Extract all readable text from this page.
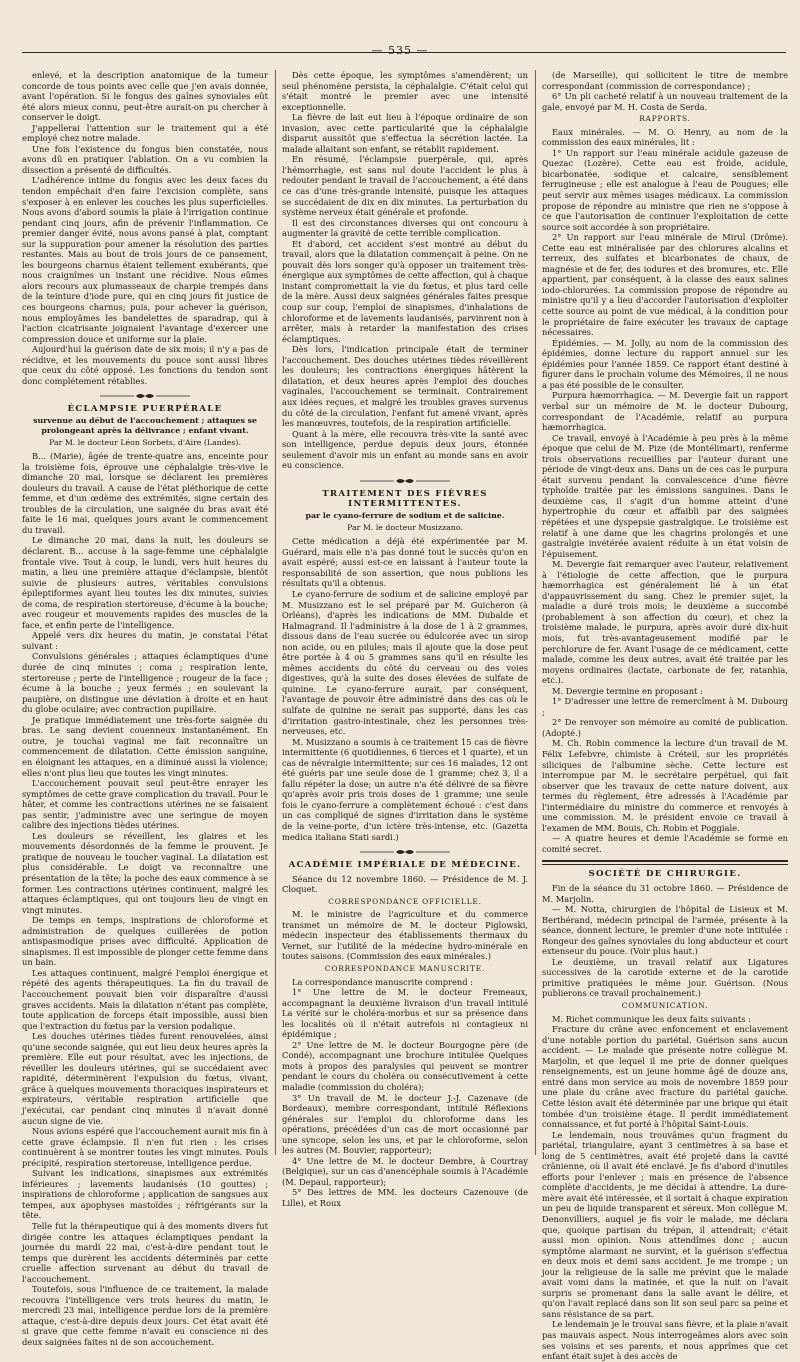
— 535 —

enlevé, et la description anatomique de la tumeur concorde de tous points avec celle que j'en avais donnée, avant l'opération. Si le fongus des gaînes synoviales eût été alors mieux connu, peut-être aurait-on pu chercher à conserver le doigt.

J'appellerai l'attention sur le traitement qui a été employé chez notre malade.

Une fois l'existence du fongus bien constatée, nous avons dû en pratiquer l'ablation. On a vu combien la dissection a présenté de difficultés.

L'adhérence intime du fongus avec les deux faces du tendon empêchait d'en faire l'excision complète, sans s'exposer à en enlever les couches les plus superficielles. Nous avons d'abord soumis la plaie à l'irrigation continue pendant cinq jours, afin de prévenir l'inflammation. Ce premier danger évité, nous avons pansé à plat, comptant sur la suppuration pour amener la résolution des parties restantes. Mais au bout de trois jours de ce pansement, les bourgeons charnus étaient tellement exubérants, que nous craignîmes un instant une récidive. Nous eûmes alors recours aux plumasseaux de charpie trempés dans de la teinture d'iode pure, qui en cinq jours fit justice de ces bourgeons charnus; puis, pour achever la guérison, nous employâmes les bandelettes de sparadrap, qui à l'action cicatrisante joignaient l'avantage d'exercer une compression douce et uniforme sur la plaie.

Aujourd'hui la guérison date de six mois; il n'y a pas de récidive, et les mouvements du pouce sont aussi libres que ceux du côté opposé. Les fonctions du tendon sont donc complétement rétablies.

ÉCLAMPSIE PUERPÉRALE
survenue au début de l'accouchement ; attaques se prolongeant après la délivrance ; enfant vivant.
Par M. le docteur Léon Sorbets, d'Aire (Landes).

B... (Marie), âgée de trente-quatre ans, enceinte pour la troisième fois, éprouve une céphalalgie très-vive le dimanche 20 mai, lorsque se déclarent les premières douleurs du travail. A cause de l'état pléthorique de cette femme, et d'un œdème des extrémités, signe certain des troubles de la circulation, une saignée du bras avait été faite le 16 mai, quelques jours avant le commencement du travail.

Le dimanche 20 mai, dans la nuit, les douleurs se déclarent. B... accuse à la sage-femme une céphalalgie frontale vive. Tout à coup, le lundi, vers huit heures du matin, a lieu une première attaque d'éclampsie, bientôt suivie de plusieurs autres, véritables convulsions épileptiformes ayant lieu toutes les dix minutes, suivies de coma, de respiration stertoreuse, d'écume à la bouche; avec rougeur et mouvements rapides des muscles de la face, et enfin perte de l'intelligence.

Appelé vers dix heures du matin, je constatai l'état suivant :

Convulsions générales ; attaques éclamptiques d'une durée de cinq minutes ; coma ; respiration lente, stertoreuse ; perte de l'intelligence ; rougeur de la face ; écume à la bouche ; yeux fermés ; en soulevant la paupière, on distingue une déviation à droite et en haut du globe oculaire; avec contraction pupillaire.

Je pratique immédiatement une très-forte saignée du bras. Le sang devient couenneux instantanément. En outre, je touchai vaginal me fait reconnaître un commencement de dilatation. Cette émission sanguine, en éloignant les attaques, en a diminué aussi la violence; elles n'ont plus lieu que toutes les vingt minutes.

L'accouchement pouvait seul peut-être enrayer les symptômes de cette grave complication du travail. Pour le hâter, et comme les contractions utérines ne se faisaient pas sentir, j'administre avec une seringue de moyen calibre des injections tièdes utérines.

Les douleurs se réveillent, les glaires et les mouvements désordonnés de la femme le prouvent. Je pratique de nouveau le toucher vaginal. La dilatation est plus considérable. Le doigt va reconnaître une présentation de la tête; la poche des eaux commence à se former. Les contractions utérines continuent, malgré les attaques éclamptiques, qui ont toujours lieu de vingt en vingt minutes.

De temps en temps, inspirations de chloroforme et administration de quelques cuillerées de potion antispasmodique prises avec difficulté. Application de sinapismes. Il est impossible de plonger cette femme dans un bain.

Les attaques continuent, malgré l'emploi énergique et répété des agents thérapeutiques. La fin du travail de l'accouchement pouvait bien voir disparaître d'aussi graves accidents. Mais la dilatation n'étant pas complète, toute application de forceps était impossible, aussi bien que l'extraction du fœtus par la version podalique.

Les douches utérines tièdes furent renouvelées, ainsi qu'une seconde saignée, qui eut lieu deux heures après la première. Elle eut pour résultat, avec les injections, de réveiller les douleurs utérines, qui se succédaient avec rapidité, déterminèrent l'expulsion du fœtus, vivant, grâce à quelques mouvements thoraciques inspirateurs et expirateurs, véritable respiration artificielle que j'exécutai, car pendant cinq minutes il n'avait donné aucun signe de vie.

Nous avions espéré que l'accouchement aurait mis fin à cette grave éclampsie. Il n'en fut rien : les crises continuèrent à se montrer toutes les vingt minutes. Pouls précipité, respiration stertoreuse, intelligence perdue.

Suivant les indications, sinapismes aux extrémités inférieures ; lavements laudanisés (10 gouttes) ; inspirations de chloroforme ; application de sangsues aux tempes, aux apophyses mastoïdes ; réfrigérants sur la tête.

Telle fut la thérapeutique qui à des moments divers fut dirigée contre les attaques éclamptiques pendant la journée du mardi 22 mai, c'est-à-dire pendant tout le temps que durèrent les accidents déterminés par cette cruelle affection survenant au début du travail de l'accouchement.

Toutefois, sous l'influence de ce traitement, la malade recouvra l'intelligence vers trois heures du matin, le mercredi 23 mai, intelligence perdue lors de la première attaque, c'est-à-dire depuis deux jours. Cet état avait été si grave que cette femme n'avait eu conscience ni des deux saignées faites ni de son accouchement.

Dès cette époque, les symptômes s'amendèrent; un seul phénomène persista, la céphalalgie. C'était celui qui s'était montré le premier avec une intensité exceptionnelle.

La fièvre de lait eut lieu à l'époque ordinaire de son invasion, avec cette particularité que la céphalalgie disparut aussitôt que s'effectua la sécrétion lactée. La malade allaitant son enfant, se rétablit rapidement.

En résumé, l'éclampsie puerpérale, qui, après l'hémorrhagie, est sans nul doute l'accident le plus à redouter pendant le travail de l'accouchement, a été dans ce cas d'une très-grande intensité, puisque les attaques se succédaient de dix en dix minutes. La perturbation du système nerveux était générale et profonde.

Il est des circonstances diverses qui ont concouru à augmenter la gravité de cette terrible complication.

Et d'abord, cet accident s'est montré au début du travail, alors que la dilatation commençait à peine. On ne pouvait dès lors songer qu'à opposer un traitement très-énergique aux symptômes de cette affection, qui à chaque instant compromettait la vie du fœtus, et plus tard celle de la mère. Aussi deux saignées générales faites presque coup sur coup, l'emploi de sinapismes, d'inhalations de chloroforme et de lavements laudanisés, parvinrent non à arrêter, mais à retarder la manifestation des crises éclamptiques.

Dès lors, l'indication principale était de terminer l'accouchement. Des douches utérines tièdes réveillèrent les douleurs; les contractions énergiques hâtèrent la dilatation, et deux heures après l'emploi des douches vaginales, l'accouchement se terminait. Contrairement aux idées reçues, et malgré les troubles graves survenus du côté de la circulation, l'enfant fut amené vivant, après les manœuvres, toutefois, de la respiration artificielle.

Quant à la mère, elle recouvra très-vite la santé avec son intelligence, perdue depuis deux jours, étonnée seulement d'avoir mis un enfant au monde sans en avoir eu conscience.

TRAITEMENT DES FIÈVRES INTERMITTENTES.
par le cyano-ferrure de sodium et de salicine.
Par M. le docteur Musizzano.

Cette médication a déjà été expérimentée par M. Guérard, mais elle n'a pas donné tout le succès qu'on en avait espéré; aussi est-ce en laissant à l'auteur toute la responsabilité de son assertion, que nous publions les résultats qu'il a obtenus.

Le cyano-ferrure de sodium et de salicine employé par M. Musizzano est le sel préparé par M. Guicheron (à Orléans), d'après les indications de MM. Dubalde et Halmagrand. Il l'administre à la dose de 1 à 2 grammes, dissous dans de l'eau sucrée ou édulcorée avec un sirop non acide, ou en pilules; mais il ajoute que la dose peut être portée à 4 ou 5 grammes sans qu'il en résulte les mêmes accidents du côté du cerveau ou des voies digestives, qu'à la suite des doses élevées de sulfate de quinine. Le cyano-ferrure aurait, par conséquent, l'avantage de pouvoir être administré dans des cas où le sulfate de quinine ne serait pas supporté, dans les cas d'irritation gastro-intestinale, chez les personnes très-nerveuses, etc.

M. Musizzano a soumis à ce traitement 15 cas de fièvre intermittente (6 quotidiennes, 6 tierces et 1 quarte), et un cas de névralgie intermittente; sur ces 16 malades, 12 ont été guéris par une seule dose de 1 gramme; chez 3, il a fallu répéter la dose; un autre n'a été délivré de sa fièvre qu'après avoir pris trois doses de 1 gramme; une seule fois le cyano-ferrure a complètement échoué : c'est dans un cas compliqué de signes d'irritation dans le système de la veine-porte, d'un ictère très-intense, etc. (Gazetta medica italiana Stati sardi.)

ACADÉMIE IMPÉRIALE DE MÉDECINE.

Séance du 12 novembre 1860. — Présidence de M. J. Cloquet.

CORRESPONDANCE OFFICIELLE.

M. le ministre de l'agriculture et du commerce transmet un mémoire de M. le docteur Piglowski, médecin inspecteur des établissements thermaux du Vernet, sur l'utilité de la médecine hydro-minérale en toutes saisons. (Commission des eaux minérales.)

CORRESPONDANCE MANUSCRITE.

La correspondance manuscrite comprend :

1° Une lettre de M. le docteur Fremeaux, accompagnant la deuxième livraison d'un travail intitulé La vérité sur le choléra-morbus et sur sa présence dans les localités où il n'était autrefois ni contagieux ni épidémique ;

2° Une lettre de M. le docteur Bourgogne père (de Condé), accompagnant une brochure intitulée Quelques mots à propos des paralysies qui peuvent se montrer pendant le cours du choléra ou consécutivement à cette maladie (commission du choléra);

3° Un travail de M. le docteur J.-J. Cazenave (de Bordeaux), membre correspondant, intitulé Réflexions générales sur l'emploi du chloroforme dans les opérations, précédées d'un cas de mort occasionné par une syncope, selon les uns, et par le chloroforme, selon les autres (M. Bouvier, rapporteur);

4° Une lettre de M. le docteur Dembre, à Courtray (Belgique), sur un cas d'anencéphale soumis à l'Académie (M. Depaul, rapporteur);

5° Des lettres de MM. les docteurs Cazenouve (de Lille), et Roux

(de Marseille), qui sollicitent le titre de membre correspondant (commission de correspondance) ;

6° Un pli cacheté relatif à un nouveau traitement de la gale, envoyé par M. H. Costa de Serda.

RAPPORTS.

Eaux minérales. — M. O. Henry, au nom de la commission des eaux minérales, lit :

1° Un rapport sur l'eau minérale acidule gazeuse de Quezac (Lozère). Cette eau est froide, acidule, bicarbonatée, sodique et calcaire, sensiblement ferrugineuse ; elle est analogue à l'eau de Pougues; elle peut servir aux mêmes usages médicaux. La commission propose de répondre au ministre que rien ne s'oppose à ce que l'autorisation de continuer l'exploitation de cette source soit accordée à son propriétaire.

2° Un rapport sur l'eau minérale de Mirul (Drôme). Cette eau est minéralisée par des chlorures alcalins et terreux, des sulfates et bicarbonates de chaux, de magnésie et de fer, des iodures et des bromures, etc. Elle appartient, par conséquent, à la classe des eaux salines iodo-chlorurées. La commission propose de répondre au ministre qu'il y a lieu d'accorder l'autorisation d'exploiter cette source au point de vue médical, à la condition pour le propriétaire de faire exécuter les travaux de captage nécessaires.

Épidémies. — M. Jolly, au nom de la commission des épidémies, donne lecture du rapport annuel sur les épidémies pour l'année 1859. Ce rapport étant destiné à figurer dans le prochain volume des Mémoires, il ne nous a pas été possible de le consulter.

Purpura hæmorrhagica. — M. Devergie fait un rapport verbal sur un mémoire de M. le docteur Dubourg, correspondant de l'Académie, relatif au purpura hæmorrhagica.

Ce travail, envoyé à l'Académie à peu près à la même époque que celui de M. Pize (de Montélimart), renferme trois observations recueillies par l'auteur durant une période de vingt-deux ans. Dans un de ces cas le purpura était survenu pendant la convalescence d'une fièvre typhoïde traitée par les émissions sanguines. Dans le deuxième cas, il s'agit d'un homme atteint d'une hypertrophie du cœur et affaibli par des saignées répétées et une dyspepsie gastralgique. Le troisième est relatif à une dame que les chagrins prolongés et une gastralgie invétérée avaient réduite à un état voisin de l'épuisement.

M. Devergie fait remarquer avec l'auteur, relativement à l'étiologie de cette affection, que le purpura hæmorrhagica est généralement lié à un état d'appauvrissement du sang. Chez le premier sujet, la maladie a duré trois mois; le deuxième a succombé (probablement à son affection du cœur), et chez la troisième malade, le purpura, après avoir duré dix-huit mois, fut très-avantageusement modifié par le perchlorure de fer. Avant l'usage de ce médicament, cette malade, comme les deux autres, avait été traitée par les moyens ordinaires (lactate, carbonate de fer, ratanhia, etc.).

M. Devergie termine en proposant :

1° D'adresser une lettre de remercîment à M. Dubourg ;

2° De renvoyer son mémoire au comité de publication. (Adopté.)

M. Ch. Robin commence la lecture d'un travail de M. Félix Lefebvre, chimiste à Créteil, sur les propriétés siliciques de l'albumine sèche. Cette lecture est interrompue par M. le secrétaire perpétuel, qui fait observer que les travaux de cette nature doivent, aux termes du règlement, être adressés à l'Académie par l'intermédiaire du ministre du commerce et renvoyés à une commission. M. le président envoie ce travail à l'examen de MM. Bouis, Ch. Robin et Poggiale.

— A quatre heures et demie l'Académie se forme en comité secret.

SOCIÉTÉ DE CHIRURGIE.

Fin de la séance du 31 octobre 1860. — Présidence de M. Marjolin.

— M. Notta, chirurgien de l'hôpital de Lisieux et M. Berthérand, médecin principal de l'armée, présente à la séance, donnent lecture, le premier d'une note intitulée : Rongeur des gaînes synoviales du long abducteur et court extenseur du pouce. (Voir plus haut.)

Le deuxième, un travail relatif aux Ligatures successives de la carotide externe et de la carotide primitive pratiquées le même jour. Guérison. (Nous publierons ce travail prochainement.)

COMMUNICATION.

M. Richet communique les deux faits suivants :

Fracture du crâne avec enfoncement et enclavement d'une notable portion du pariétal. Guérison sans aucun accident. — Le malade que présente notre collègue M. Marjolin, et que lequel il me prie de donner quelques renseignements, est un jeune homme âgé de douze ans, entré dans mon service au mois de novembre 1859 pour une plaie du crâne avec fracture du pariétal gauche. Cette lésion avait été déterminée par une brique qui était tombée d'un troisième étage. Il perdit immédiatement connaissance, et fut porté à l'hôpital Saint-Louis.

Le lendemain, nous trouvâmes qu'un fragment du pariétal, triangulaire, ayant 3 centimètres à sa base et long de 5 centimètres, avait été projeté dans la cavité crânienne, où il avait été enclavé. Je fis d'abord d'inutiles efforts pour l'enlever ; mais en présence de l'absence complète d'accidents, je me décidai à attendre. La dure-mère avait été intéressée, et il sortait à chaque expiration un peu de liquide transparent et séreux. Mon collègue M. Denonvilliers, auquel je fis voir le malade, me déclara que, quoique partisan du trépan, il attendrait; c'était aussi mon opinion. Nous attendîmes donc ; aucun symptôme alarmant ne survint, et la guérison s'effectua en deux mois et demi sans accident. Je me trompe ; un jour la religieuse de la salle me prévint que le malade avait vomi dans la matinée, et que la nuit on l'avait surpris se promenant dans la salle avant le délire, et qu'on l'avait replacé dans son lit son seul parc sa peine et sans résistance de sa part.

Le lendemain je le trouvai sans fièvre, et la plaie n'avait pas mauvais aspect. Nous interrogeâmes alors avec soin ses voisins et ses parents, et nous apprîmes que cet enfant était sujet à des accès de
